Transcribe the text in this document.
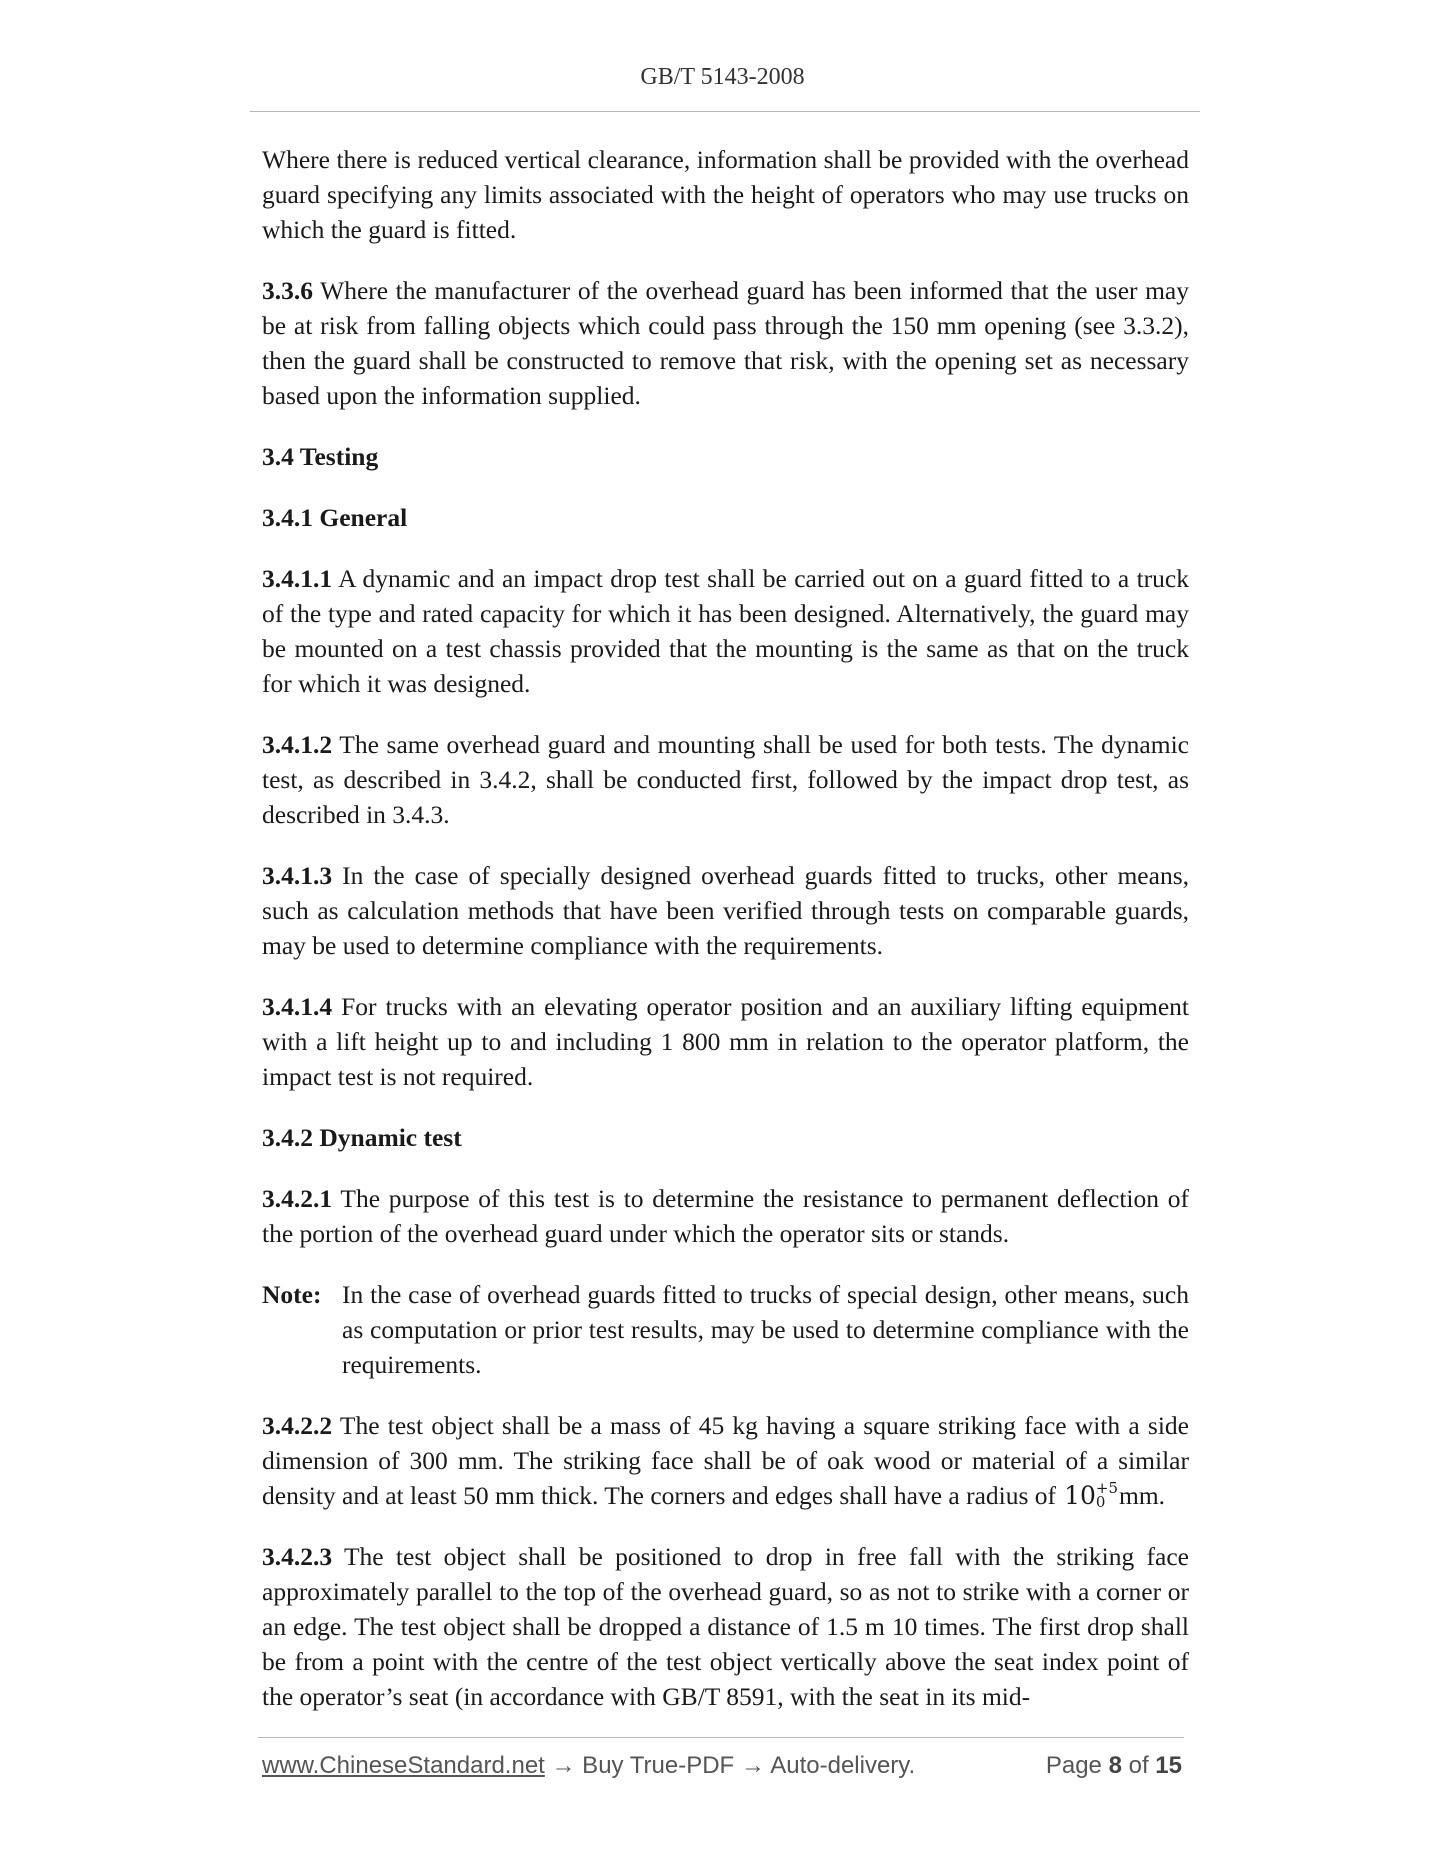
GB/T 5143-2008

Where there is reduced vertical clearance, information shall be provided with the overhead guard specifying any limits associated with the height of operators who may use trucks on which the guard is fitted.

3.3.6 Where the manufacturer of the overhead guard has been informed that the user may be at risk from falling objects which could pass through the 150 mm opening (see 3.3.2), then the guard shall be constructed to remove that risk, with the opening set as necessary based upon the information supplied.

3.4 Testing

3.4.1 General

3.4.1.1 A dynamic and an impact drop test shall be carried out on a guard fitted to a truck of the type and rated capacity for which it has been designed. Alternatively, the guard may be mounted on a test chassis provided that the mounting is the same as that on the truck for which it was designed.

3.4.1.2 The same overhead guard and mounting shall be used for both tests. The dynamic test, as described in 3.4.2, shall be conducted first, followed by the impact drop test, as described in 3.4.3.

3.4.1.3 In the case of specially designed overhead guards fitted to trucks, other means, such as calculation methods that have been verified through tests on comparable guards, may be used to determine compliance with the requirements.

3.4.1.4 For trucks with an elevating operator position and an auxiliary lifting equipment with a lift height up to and including 1 800 mm in relation to the operator platform, the impact test is not required.

3.4.2 Dynamic test

3.4.2.1 The purpose of this test is to determine the resistance to permanent deflection of the portion of the overhead guard under which the operator sits or stands.

Note: In the case of overhead guards fitted to trucks of special design, other means, such as computation or prior test results, may be used to determine compliance with the requirements.

3.4.2.2 The test object shall be a mass of 45 kg having a square striking face with a side dimension of 300 mm. The striking face shall be of oak wood or material of a similar density and at least 50 mm thick. The corners and edges shall have a radius of 10 +5
0 mm.

3.4.2.3 The test object shall be positioned to drop in free fall with the striking face approximately parallel to the top of the overhead guard, so as not to strike with a corner or an edge. The test object shall be dropped a distance of 1.5 m 10 times. The first drop shall be from a point with the centre of the test object vertically above the seat index point of the operator’s seat (in accordance with GB/T 8591, with the seat in its mid-

www.ChineseStandard.net → Buy True-PDF → Auto-delivery.	Page 8 of 15
